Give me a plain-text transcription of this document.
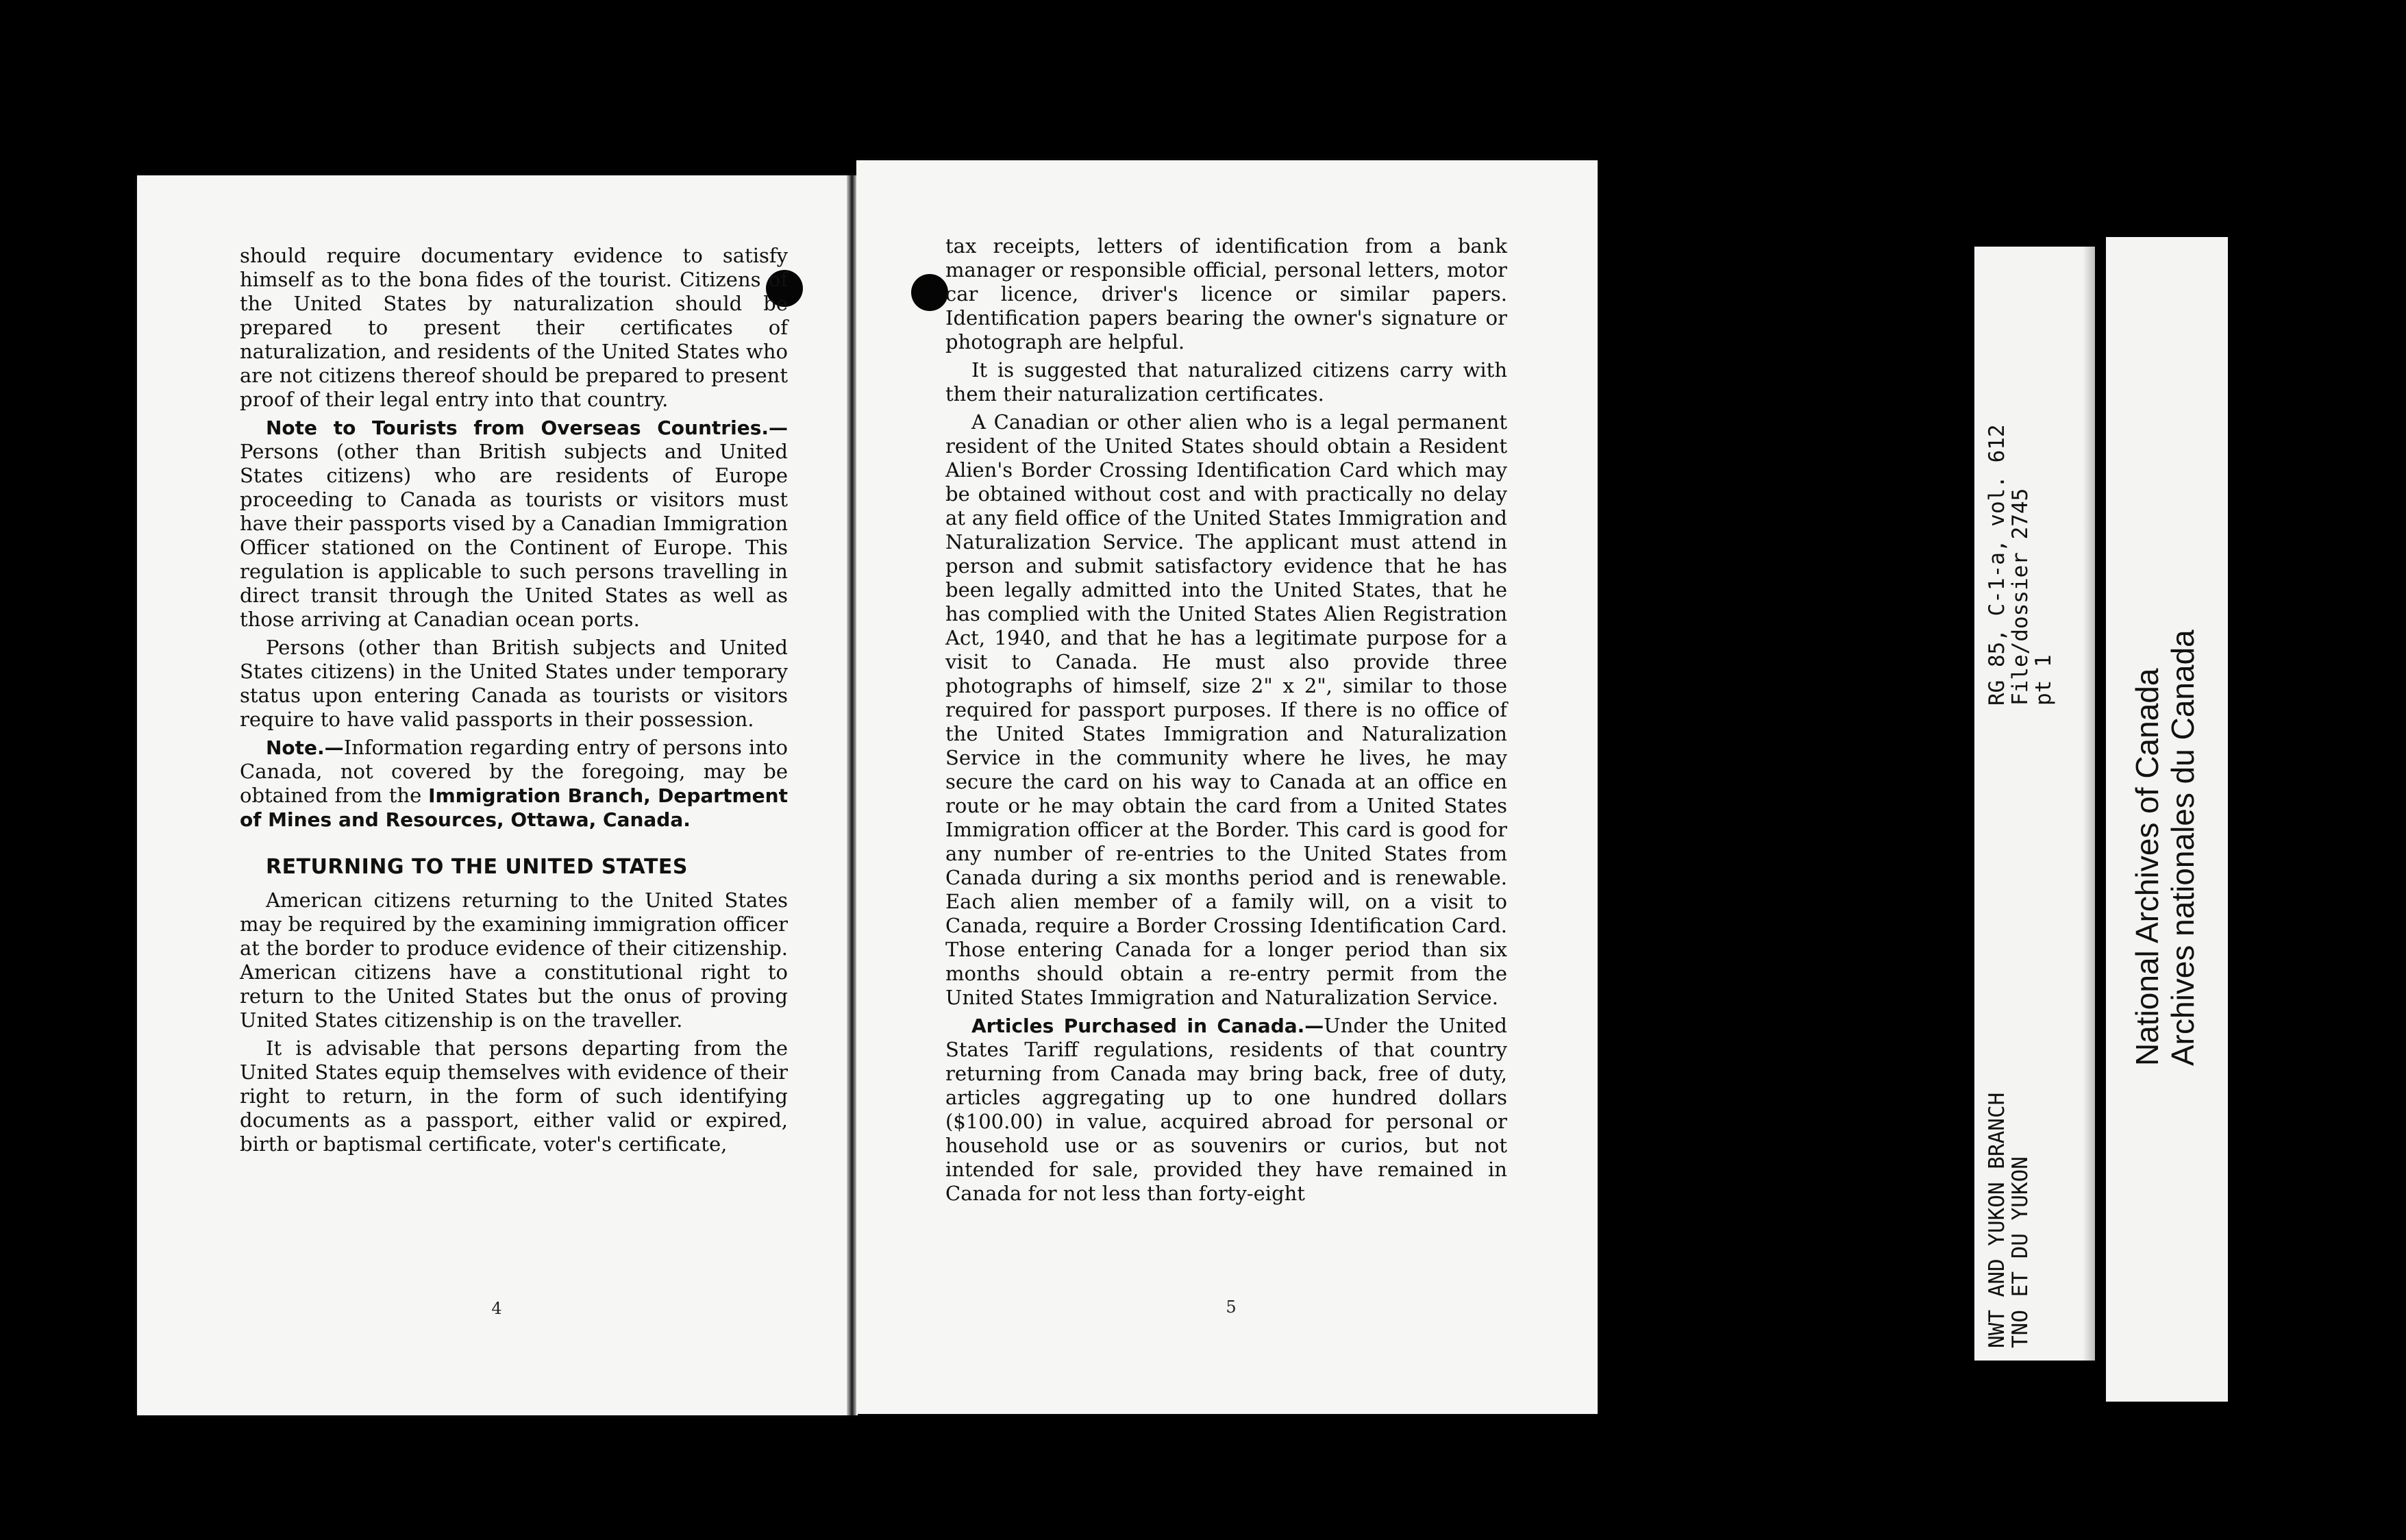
should require documentary evidence to satisfy himself as to the bona fides of the tourist. Citizens of the United States by naturalization should be prepared to present their certificates of naturalization, and residents of the United States who are not citizens thereof should be prepared to present proof of their legal entry into that country.

Note to Tourists from Overseas Countries.—Persons (other than British subjects and United States citizens) who are residents of Europe proceeding to Canada as tourists or visitors must have their passports vised by a Canadian Immigration Officer stationed on the Continent of Europe. This regulation is applicable to such persons travelling in direct transit through the United States as well as those arriving at Canadian ocean ports.

Persons (other than British subjects and United States citizens) in the United States under temporary status upon entering Canada as tourists or visitors require to have valid passports in their possession.

Note.—Information regarding entry of persons into Canada, not covered by the foregoing, may be obtained from the Immigration Branch, Department of Mines and Resources, Ottawa, Canada.

RETURNING TO THE UNITED STATES

American citizens returning to the United States may be required by the examining immigration officer at the border to produce evidence of their citizenship. American citizens have a constitutional right to return to the United States but the onus of proving United States citizenship is on the traveller.

It is advisable that persons departing from the United States equip themselves with evidence of their right to return, in the form of such identifying documents as a passport, either valid or expired, birth or baptismal certificate, voter's certificate,

4

tax receipts, letters of identification from a bank manager or responsible official, personal letters, motor car licence, driver's licence or similar papers. Identification papers bearing the owner's signature or photograph are helpful.

It is suggested that naturalized citizens carry with them their naturalization certificates.

A Canadian or other alien who is a legal permanent resident of the United States should obtain a Resident Alien's Border Crossing Identification Card which may be obtained without cost and with practically no delay at any field office of the United States Immigration and Naturalization Service. The applicant must attend in person and submit satisfactory evidence that he has been legally admitted into the United States, that he has complied with the United States Alien Registration Act, 1940, and that he has a legitimate purpose for a visit to Canada. He must also provide three photographs of himself, size 2" x 2", similar to those required for passport purposes. If there is no office of the United States Immigration and Naturalization Service in the community where he lives, he may secure the card on his way to Canada at an office en route or he may obtain the card from a United States Immigration officer at the Border. This card is good for any number of re-entries to the United States from Canada during a six months period and is renewable. Each alien member of a family will, on a visit to Canada, require a Border Crossing Identification Card. Those entering Canada for a longer period than six months should obtain a re-entry permit from the United States Immigration and Naturalization Service.

Articles Purchased in Canada.—Under the United States Tariff regulations, residents of that country returning from Canada may bring back, free of duty, articles aggregating up to one hundred dollars ($100.00) in value, acquired abroad for personal or household use or as souvenirs or curios, but not intended for sale, provided they have remained in Canada for not less than forty-eight

5
RG 85, C-1-a, vol. 612
File/dossier 2745
pt 1
NWT AND YUKON BRANCH
TNO ET DU YUKON
National Archives of Canada Archives nationales du Canada
